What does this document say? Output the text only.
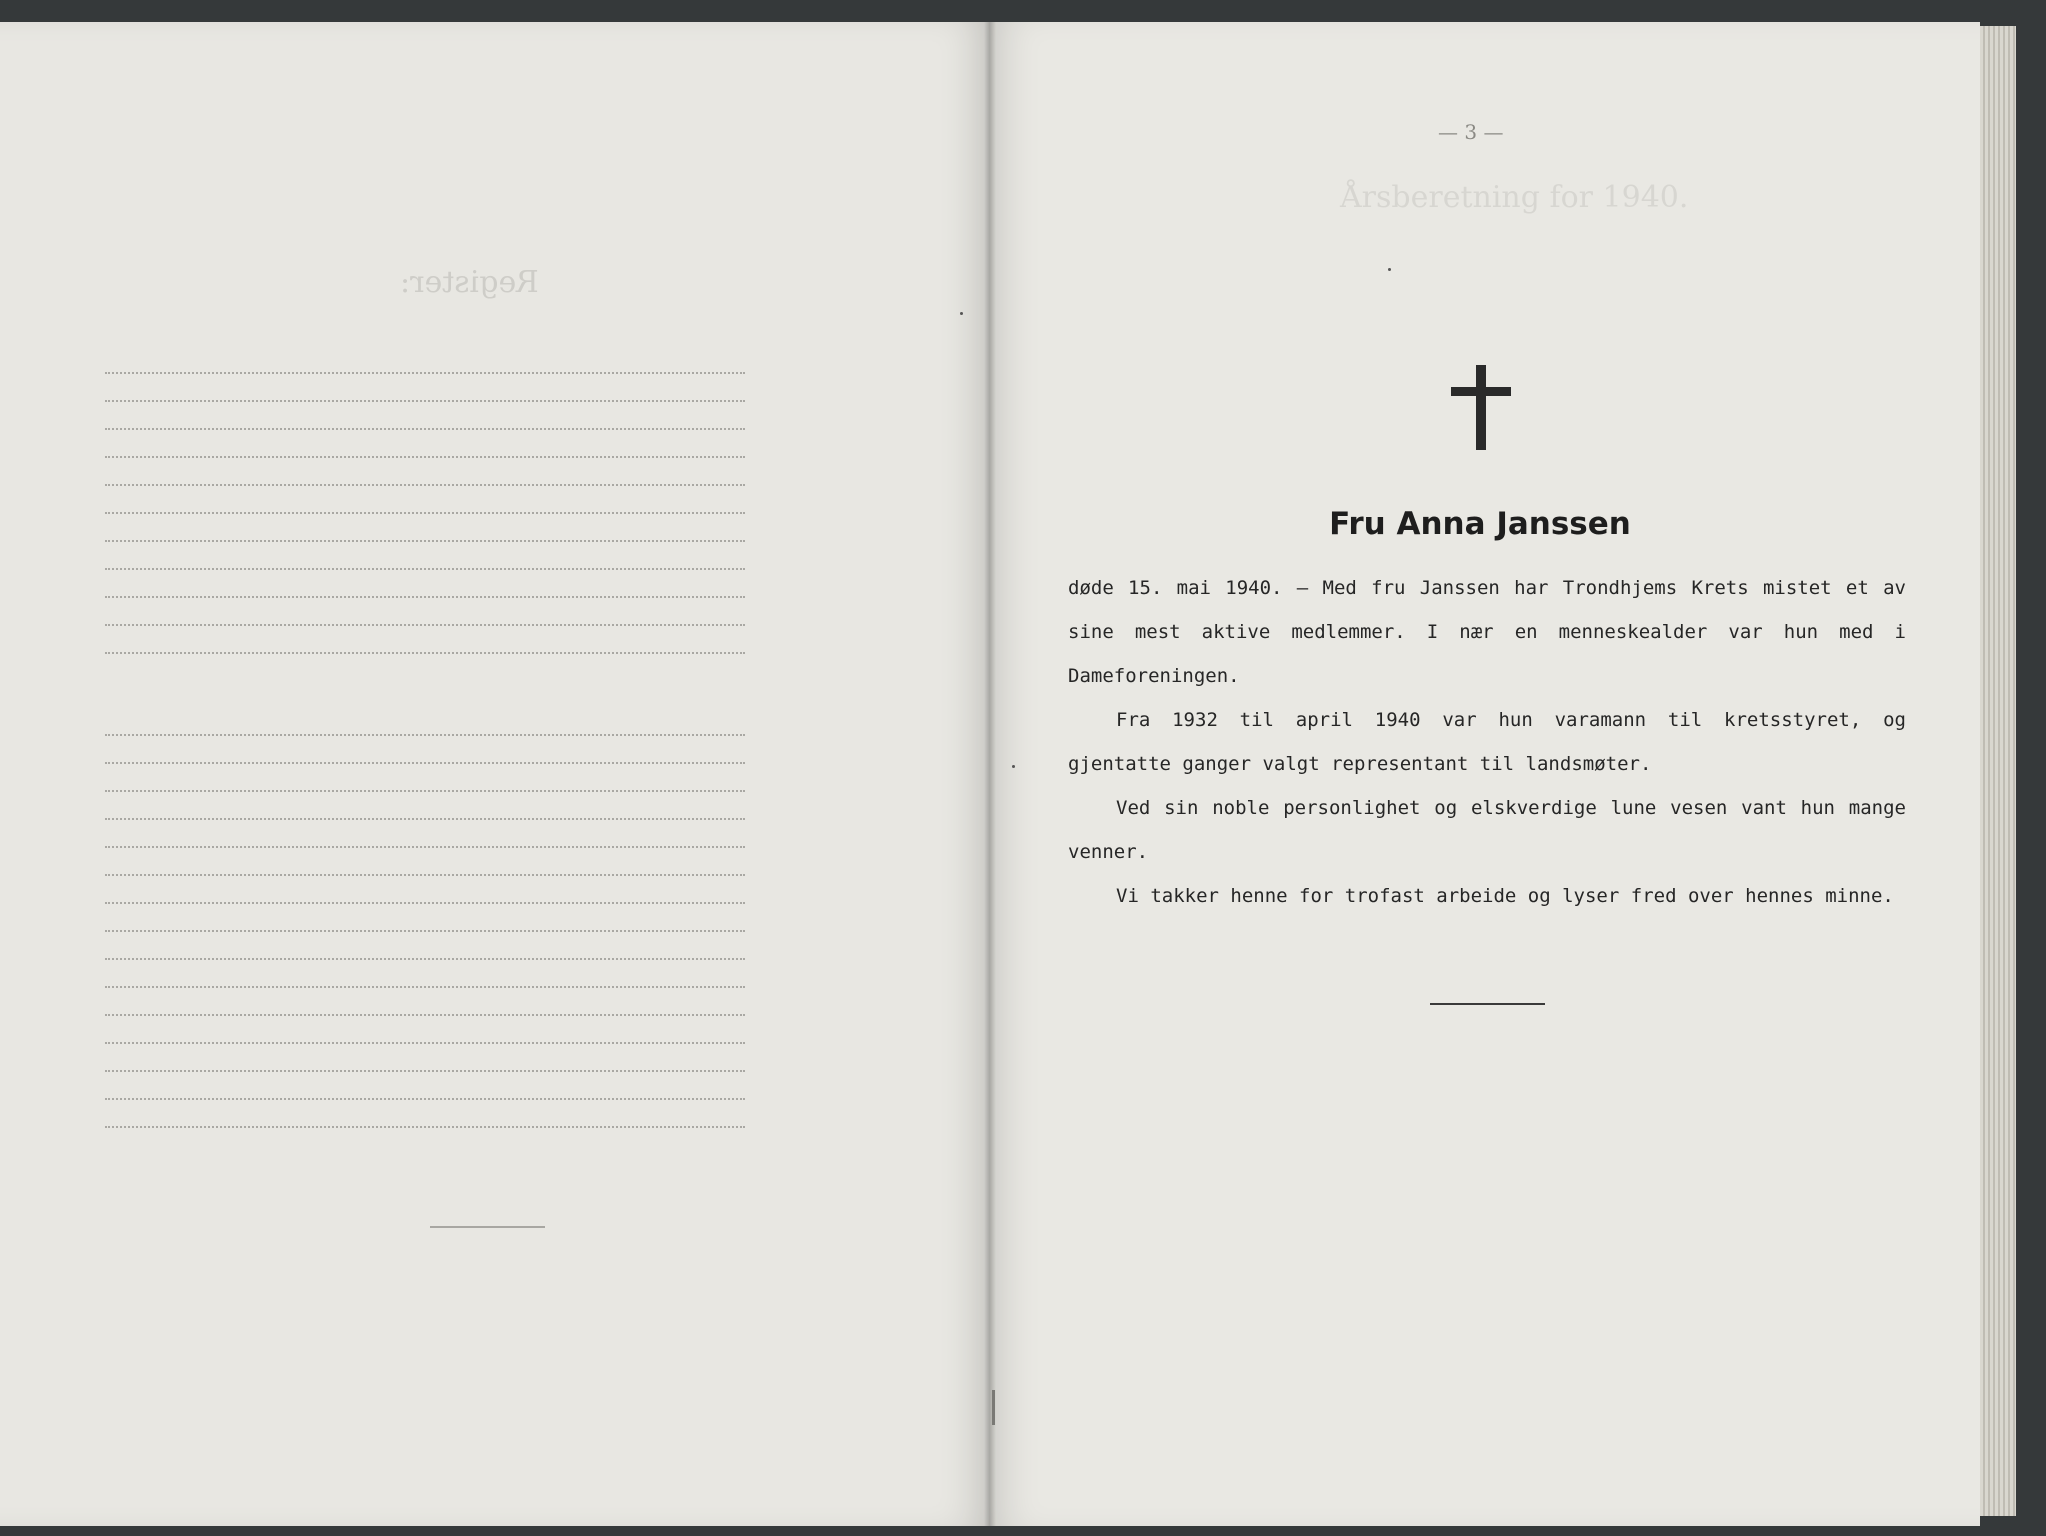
Register:
Årsberetning for 1940.
— 3 —
Fru Anna Janssen

døde 15. mai 1940. — Med fru Janssen har Trondhjems Krets mistet et av sine mest aktive medlemmer. I nær en menneskealder var hun med i Dameforeningen.

Fra 1932 til april 1940 var hun varamann til kretsstyret, og gjentatte ganger valgt representant til landsmøter.

Ved sin noble personlighet og elskverdige lune vesen vant hun mange venner.

Vi takker henne for trofast arbeide og lyser fred over hennes minne.
